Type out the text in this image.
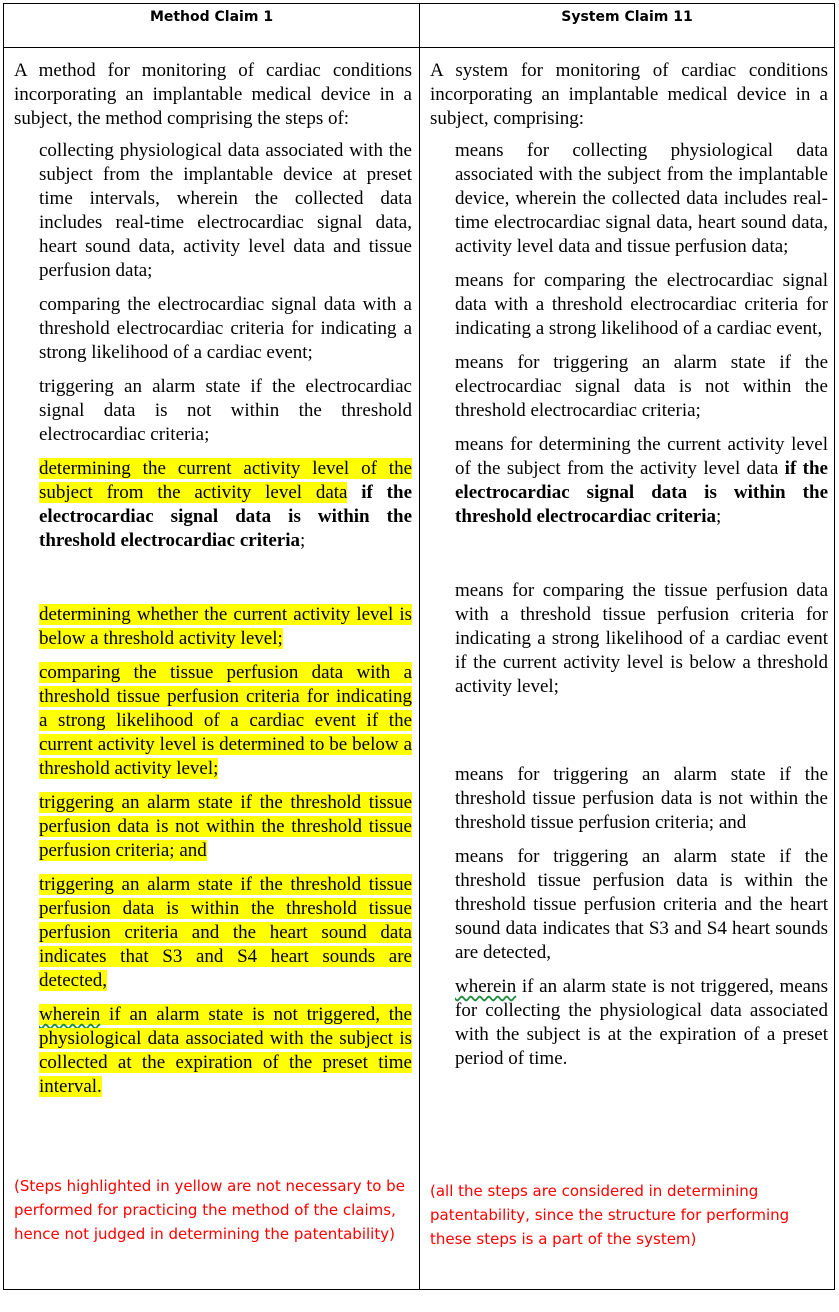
Method Claim 1	System Claim 11

A method for monitoring of cardiac conditions incorporating an implantable medical device in a subject, the method comprising the steps of:

collecting physiological data associated with the subject from the implantable device at preset time intervals, wherein the collected data includes real-time electrocardiac signal data, heart sound data, activity level data and tissue perfusion data;

comparing the electrocardiac signal data with a threshold electrocardiac criteria for indicating a strong likelihood of a cardiac event;

triggering an alarm state if the electrocardiac signal data is not within the threshold electrocardiac criteria;

determining the current activity level of the subject from the activity level data if the electrocardiac signal data is within the threshold electrocardiac criteria;

determining whether the current activity level is below a threshold activity level;

comparing the tissue perfusion data with a threshold tissue perfusion criteria for indicating a strong likelihood of a cardiac event if the current activity level is determined to be below a threshold activity level;

triggering an alarm state if the threshold tissue perfusion data is not within the threshold tissue perfusion criteria; and

triggering an alarm state if the threshold tissue perfusion data is within the threshold tissue perfusion criteria and the heart sound data indicates that S3 and S4 heart sounds are detected,

wherein if an alarm state is not triggered, the physiological data associated with the subject is collected at the expiration of the preset time interval.

A system for monitoring of cardiac conditions incorporating an implantable medical device in a subject, comprising:

means for collecting physiological data associated with the subject from the implantable device, wherein the collected data includes real-time electrocardiac signal data, heart sound data, activity level data and tissue perfusion data;

means for comparing the electrocardiac signal data with a threshold electrocardiac criteria for indicating a strong likelihood of a cardiac event,

means for triggering an alarm state if the electrocardiac signal data is not within the threshold electrocardiac criteria;

means for determining the current activity level of the subject from the activity level data if the electrocardiac signal data is within the threshold electrocardiac criteria;

means for comparing the tissue perfusion data with a threshold tissue perfusion criteria for indicating a strong likelihood of a cardiac event if the current activity level is below a threshold activity level;

means for triggering an alarm state if the threshold tissue perfusion data is not within the threshold tissue perfusion criteria; and

means for triggering an alarm state if the threshold tissue perfusion data is within the threshold tissue perfusion criteria and the heart sound data indicates that S3 and S4 heart sounds are detected,

wherein if an alarm state is not triggered, means for collecting the physiological data associated with the subject is at the expiration of a preset period of time.

(Steps highlighted in yellow are not necessary to be performed for practicing the method of the claims, hence not judged in determining the patentability)
(all the steps are considered in determining patentability, since the structure for performing these steps is a part of the system)
